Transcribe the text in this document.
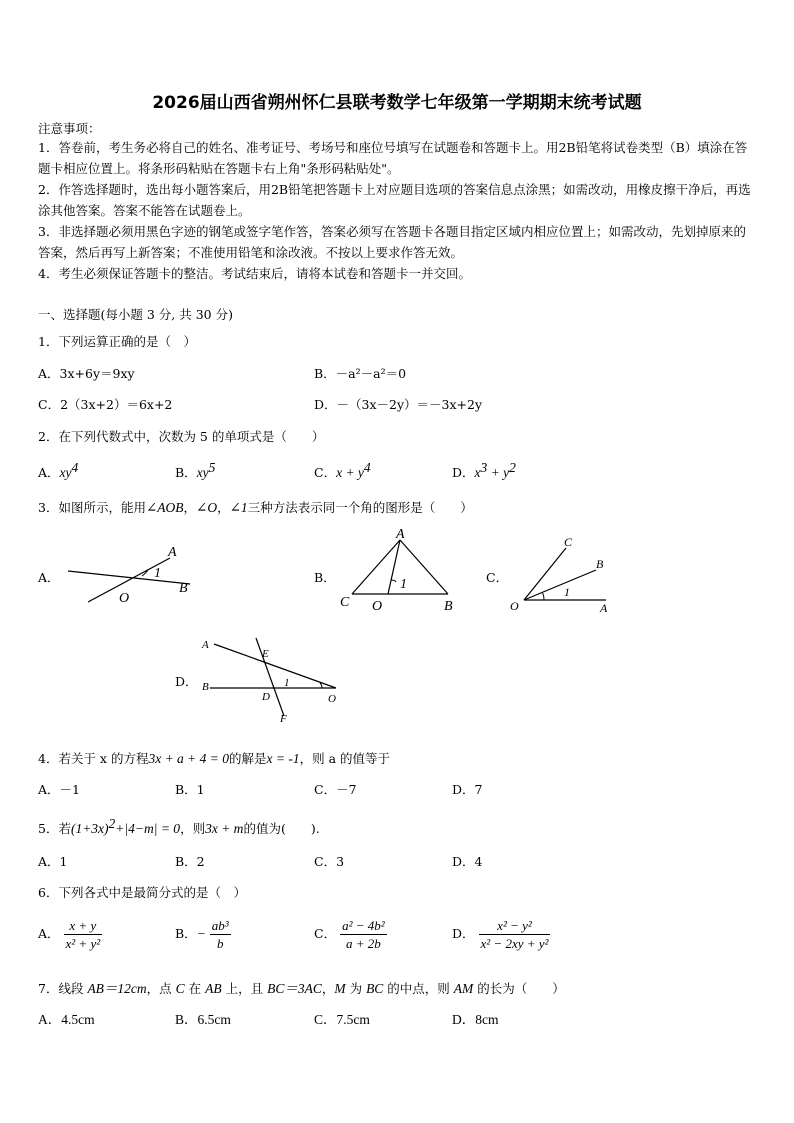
2026届山西省朔州怀仁县联考数学七年级第一学期期末统考试题
注意事项：
1．答卷前，考生务必将自己的姓名、准考证号、考场号和座位号填写在试题卷和答题卡上。用2B铅笔将试卷类型（B）填涂在答题卡相应位置上。将条形码粘贴在答题卡右上角"条形码粘贴处"。
2．作答选择题时，选出每小题答案后，用2B铅笔把答题卡上对应题目选项的答案信息点涂黑；如需改动，用橡皮擦干净后，再选涂其他答案。答案不能答在试题卷上。
3．非选择题必须用黑色字迹的钢笔或签字笔作答，答案必须写在答题卡各题目指定区域内相应位置上；如需改动，先划掉原来的答案，然后再写上新答案；不准使用铅笔和涂改液。不按以上要求作答无效。
4．考生必须保证答题卡的整洁。考试结束后，请将本试卷和答题卡一并交回。
一、选择题(每小题 3 分, 共 30 分)
1．下列运算正确的是（　）
A．3x+6y＝9xy	B．－a²－a²＝0
C．2（3x+2）＝6x+2	D．－（3x－2y）＝－3x+2y
2．在下列代数式中，次数为 5 的单项式是（　　）
A．$xy^4$	B．$xy^5$	C．$x + y^4$	D．$x^3 + y^2$
3．如图所示，能用∠AOB，∠O，∠1三种方法表示同一个角的图形是（　　）
A．
A
B
O
1	B．
A
C O	B
1	C．
C
B
O	A
1
D．
A
E
B
D
F
O
1
4．若关于 x 的方程3x + a + 4 = 0的解是x = -1，则 a 的值等于
A．－1	B．1	C．－7	D．7
5．若$(1+3x)^2+|4-m| = 0$，则3x + m的值为(　　).
A．1	B．2	C．3	D．4
6．下列各式中是最简分式的是（　）
A． $\frac{x + y}{\text{x² + y²}}$	B．− $\frac{\text{ab³}}{b}$	C． $\frac{\text{a² − 4b²}}{a + 2b}$	D． $\frac{\text{x² − y²}}{\text{x² − 2xy + y²}}$
7．线段 AB＝12cm，点 C 在 AB 上，且 BC＝3AC，M 为 BC 的中点，则 AM 的长为（　　）
A．4.5cm	B．6.5cm	C．7.5cm	D．8cm
